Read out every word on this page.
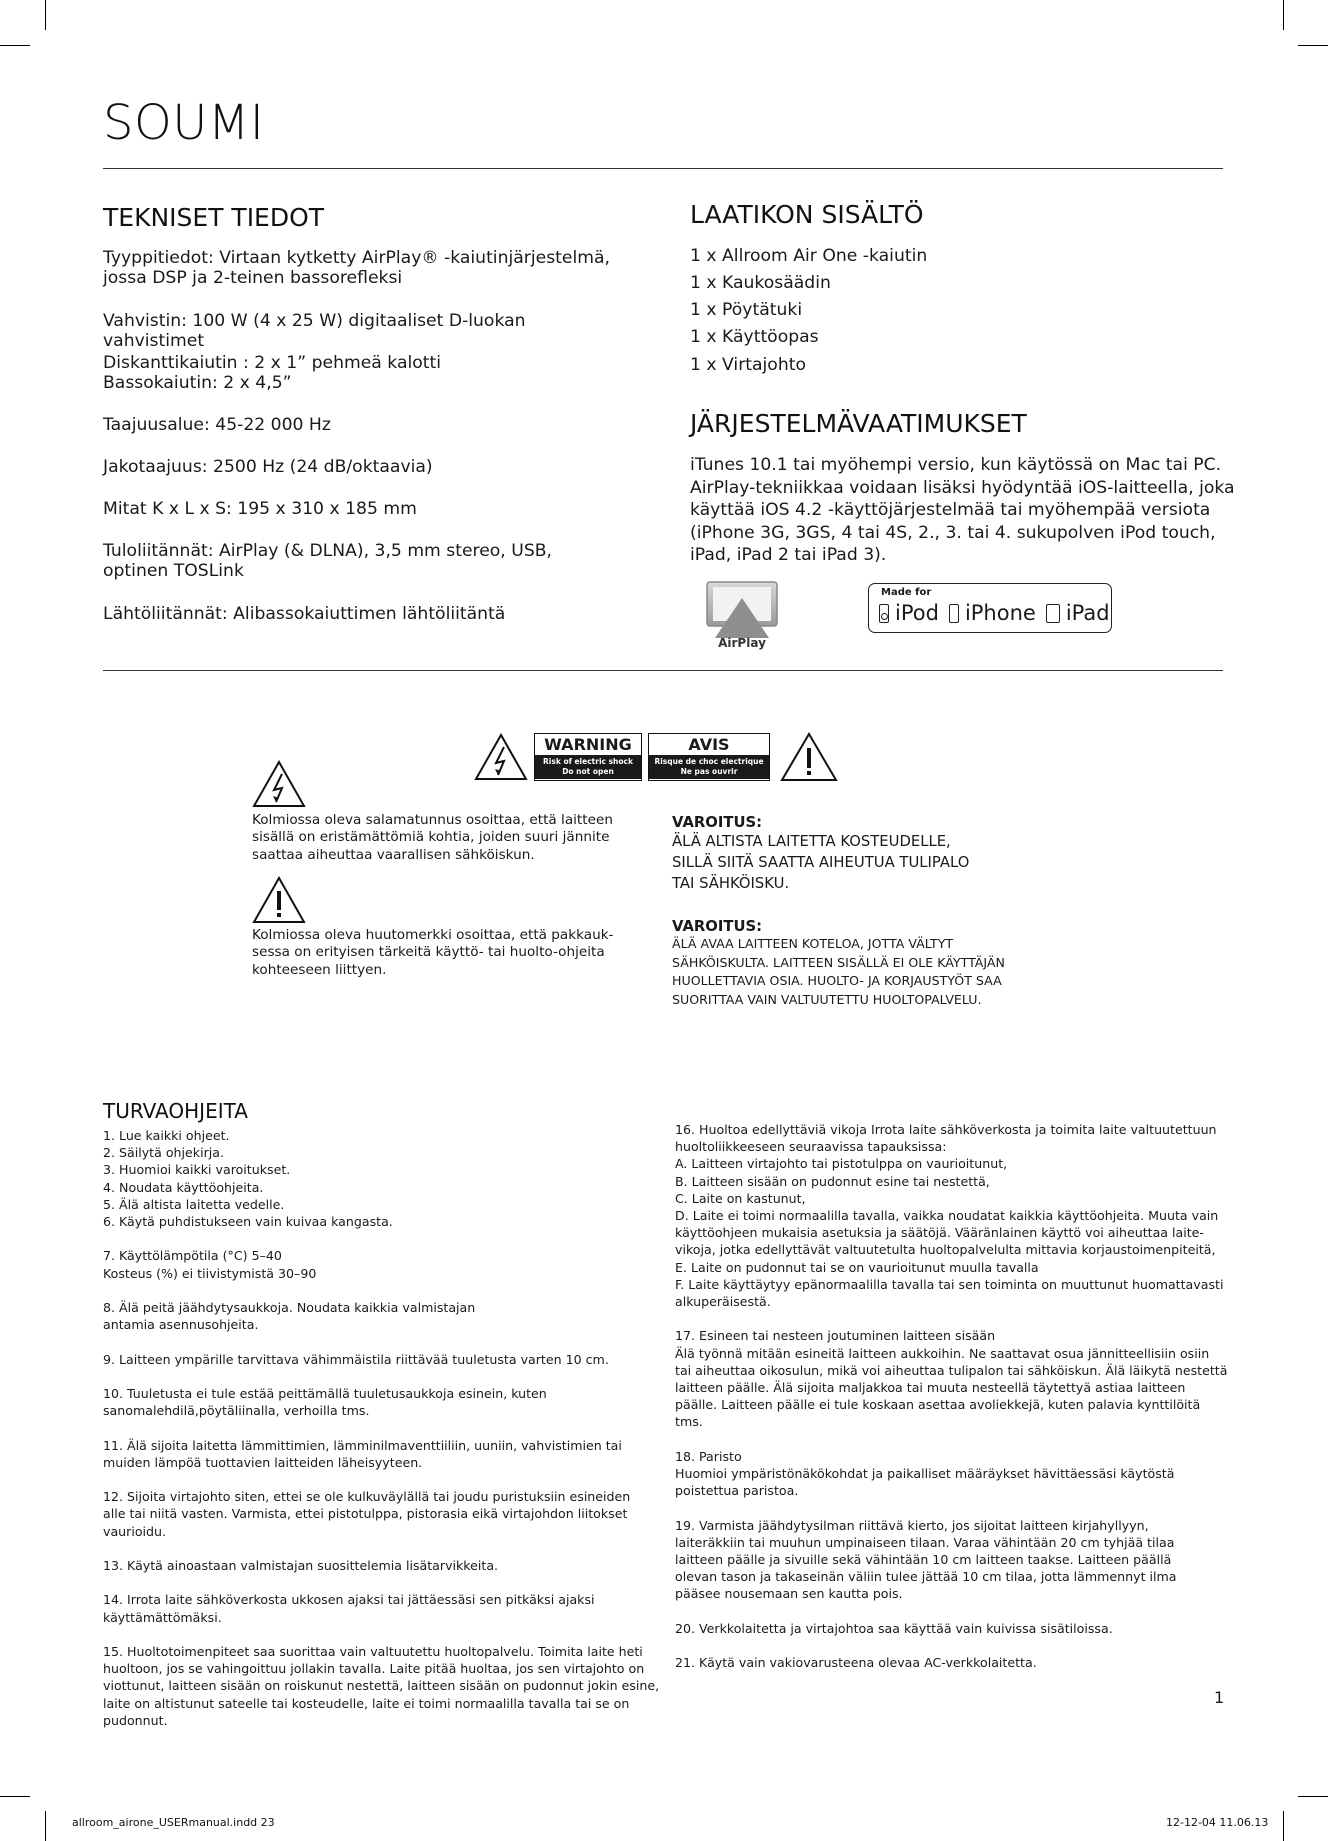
SOUMI
TEKNISET TIEDOT

Tyyppitiedot: Virtaan kytketty AirPlay® -kaiutinjärjestelmä,
jossa DSP ja 2-teinen bassorefleksi

Vahvistin: 100 W (4 x 25 W) digitaaliset D-luokan vahvistimet

Diskanttikaiutin : 2 x 1” pehmeä kalotti
Bassokaiutin: 2 x 4,5”

Taajuusalue: 45-22 000 Hz

Jakotaajuus: 2500 Hz (24 dB/oktaavia)

Mitat K x L x S: 195 x 310 x 185 mm

Tuloliitännät: AirPlay (& DLNA), 3,5 mm stereo, USB,
optinen TOSLink

Lähtöliitännät: Alibassokaiuttimen lähtöliitäntä

LAATIKON SISÄLTÖ

1 x Allroom Air One -kaiutin

1 x Kaukosäädin

1 x Pöytätuki

1 x Käyttöopas

1 x Virtajohto

JÄRJESTELMÄVAATIMUKSET

iTunes 10.1 tai myöhempi versio, kun käytössä on Mac tai PC. AirPlay-tekniikkaa voidaan lisäksi hyödyntää iOS-laitteella, joka käyttää iOS 4.2 -käyttöjärjestelmää tai myöhempää versiota (iPhone 3G, 3GS, 4 tai 4S, 2., 3. tai 4. sukupolven iPod touch, iPad, iPad 2 tai iPad 3).

AirPlay
Made for
iPod iPhone iPad
WARNING
Risk of electric shock
Do not open
AVIS
Risque de choc electrique
Ne pas ouvrir

Kolmiossa oleva salamatunnus osoittaa, että laitteen
sisällä on eristämättömiä kohtia, joiden suuri jännite
saattaa aiheuttaa vaarallisen sähköiskun.

Kolmiossa oleva huutomerkki osoittaa, että pakkauk-
sessa on erityisen tärkeitä käyttö- tai huolto-ohjeita
kohteeseen liittyen.

VAROITUS:
ÄLÄ ALTISTA LAITETTA KOSTEUDELLE,
SILLÄ SIITÄ SAATTA AIHEUTUA TULIPALO
TAI SÄHKÖISKU.
VAROITUS:
ÄLÄ AVAA LAITTEEN KOTELOA, JOTTA VÄLTYT
SÄHKÖISKULTA. LAITTEEN SISÄLLÄ EI OLE KÄYTTÄJÄN
HUOLLETTAVIA OSIA. HUOLTO- JA KORJAUSTYÖT SAA
SUORITTAA VAIN VALTUUTETTU HUOLTOPALVELU.
TURVAOHJEITA
1. Lue kaikki ohjeet.
2. Säilytä ohjekirja.
3. Huomioi kaikki varoitukset.
4. Noudata käyttöohjeita.
5. Älä altista laitetta vedelle.
6. Käytä puhdistukseen vain kuivaa kangasta.
7. Käyttölämpötila (°C) 5–40
Kosteus (%) ei tiivistymistä 30–90
8. Älä peitä jäähdytysaukkoja. Noudata kaikkia valmistajan
antamia asennusohjeita.
9. Laitteen ympärille tarvittava vähimmäistila riittävää tuuletusta varten 10 cm.
10. Tuuletusta ei tule estää peittämällä tuuletusaukkoja esinein, kuten
sanomalehdilä,pöytäliinalla, verhoilla tms.
11. Älä sijoita laitetta lämmittimien, lämminilmaventtiiliin, uuniin, vahvistimien tai
muiden lämpöä tuottavien laitteiden läheisyyteen.
12. Sijoita virtajohto siten, ettei se ole kulkuväylällä tai joudu puristuksiin esineiden
alle tai niitä vasten. Varmista, ettei pistotulppa, pistorasia eikä virtajohdon liitokset
vaurioidu.
13. Käytä ainoastaan valmistajan suosittelemia lisätarvikkeita.
14. Irrota laite sähköverkosta ukkosen ajaksi tai jättäessäsi sen pitkäksi ajaksi
käyttämättömäksi.
15. Huoltotoimenpiteet saa suorittaa vain valtuutettu huoltopalvelu. Toimita laite heti
huoltoon, jos se vahingoittuu jollakin tavalla. Laite pitää huoltaa, jos sen virtajohto on
viottunut, laitteen sisään on roiskunut nestettä, laitteen sisään on pudonnut jokin esine,
laite on altistunut sateelle tai kosteudelle, laite ei toimi normaalilla tavalla tai se on
pudonnut.
16. Huoltoa edellyttäviä vikoja Irrota laite sähköverkosta ja toimita laite valtuutettuun
huoltoliikkeeseen seuraavissa tapauksissa:
A. Laitteen virtajohto tai pistotulppa on vaurioitunut,
B. Laitteen sisään on pudonnut esine tai nestettä,
C. Laite on kastunut,
D. Laite ei toimi normaalilla tavalla, vaikka noudatat kaikkia käyttöohjeita. Muuta vain
käyttöohjeen mukaisia asetuksia ja säätöjä. Vääränlainen käyttö voi aiheuttaa laite-
vikoja, jotka edellyttävät valtuutetulta huoltopalvelulta mittavia korjaustoimenpiteitä,
E. Laite on pudonnut tai se on vaurioitunut muulla tavalla
F. Laite käyttäytyy epänormaalilla tavalla tai sen toiminta on muuttunut huomattavasti
alkuperäisestä.
17. Esineen tai nesteen joutuminen laitteen sisään
Älä työnnä mitään esineitä laitteen aukkoihin. Ne saattavat osua jännitteellisiin osiin
tai aiheuttaa oikosulun, mikä voi aiheuttaa tulipalon tai sähköiskun. Älä läikytä nestettä
laitteen päälle. Älä sijoita maljakkoa tai muuta nesteellä täytettyä astiaa laitteen
päälle. Laitteen päälle ei tule koskaan asettaa avoliekkejä, kuten palavia kynttilöitä
tms.
18. Paristo
Huomioi ympäristönäkökohdat ja paikalliset määräykset hävittäessäsi käytöstä
poistettua paristoa.
19. Varmista jäähdytysilman riittävä kierto, jos sijoitat laitteen kirjahyllyyn,
laiteräkkiin tai muuhun umpinaiseen tilaan. Varaa vähintään 20 cm tyhjää tilaa
laitteen päälle ja sivuille sekä vähintään 10 cm laitteen taakse. Laitteen päällä
olevan tason ja takaseinän väliin tulee jättää 10 cm tilaa, jotta lämmennyt ilma
pääsee nousemaan sen kautta pois.
20. Verkkolaitetta ja virtajohtoa saa käyttää vain kuivissa sisätiloissa.
21. Käytä vain vakiovarusteena olevaa AC-verkkolaitetta.
1
allroom_airone_USERmanual.indd 23	12-12-04 11.06.13
